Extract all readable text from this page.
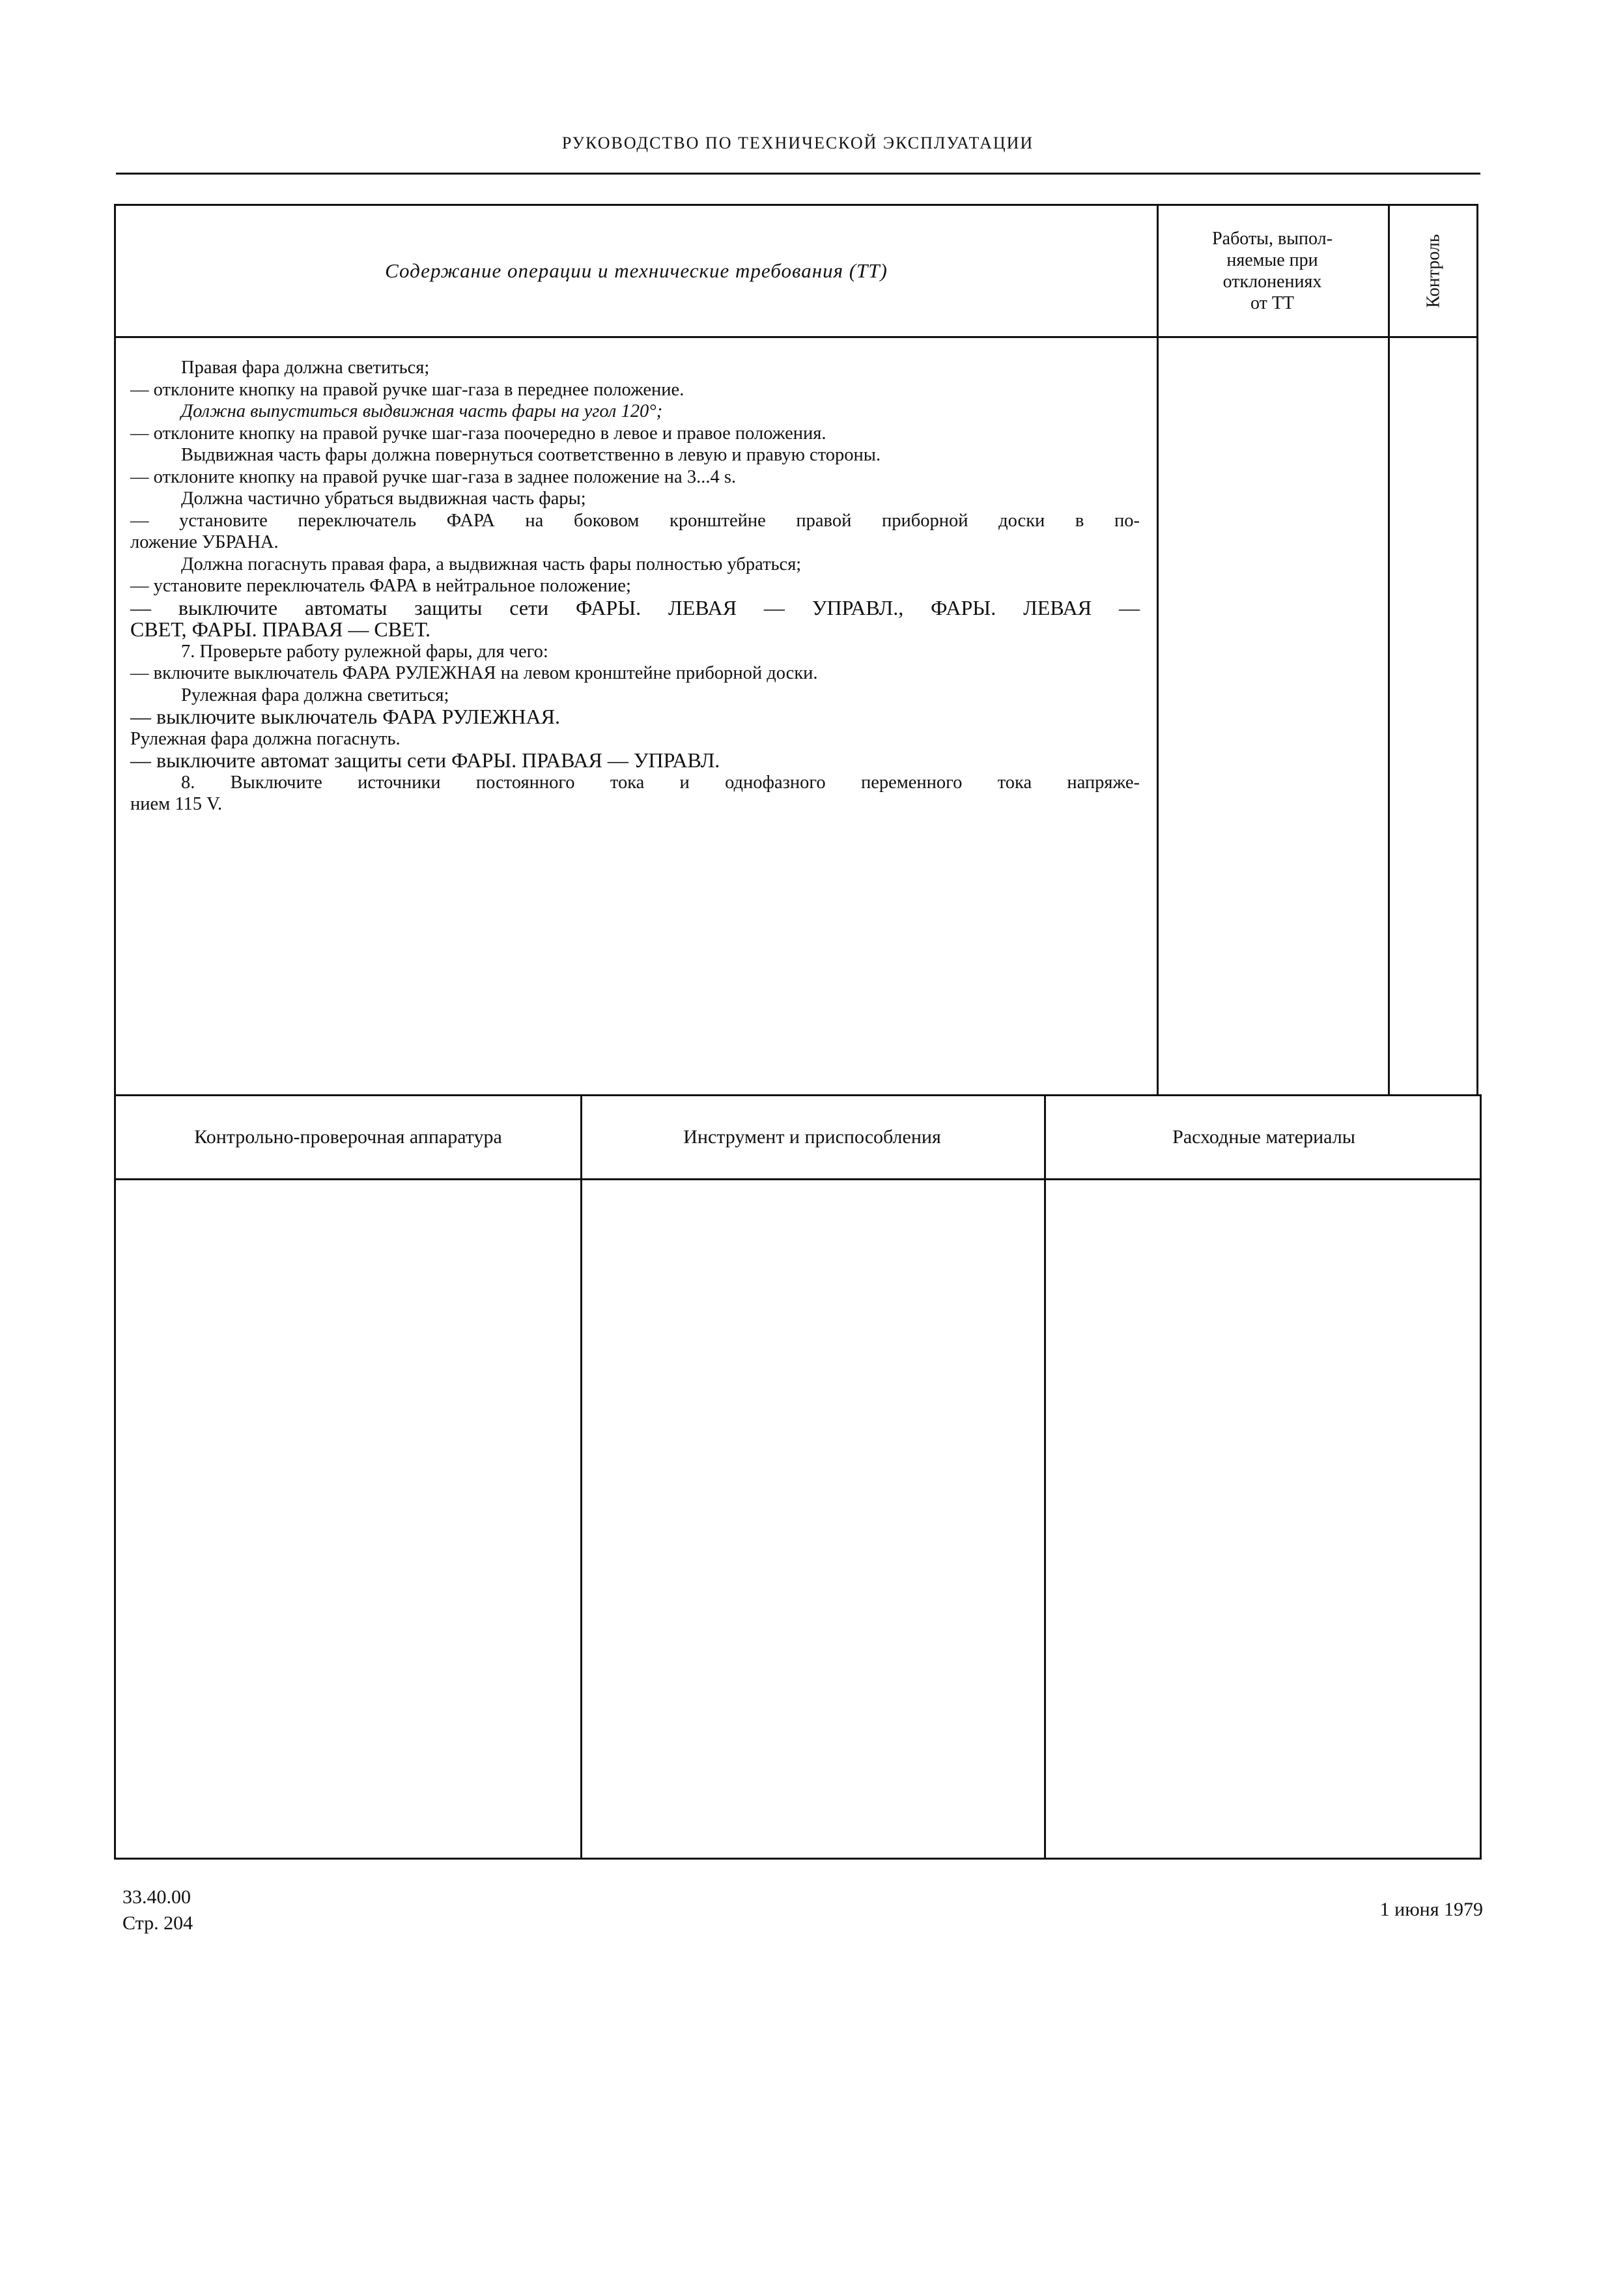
РУКОВОДСТВО ПО ТЕХНИЧЕСКОЙ ЭКСПЛУАТАЦИИ
Содержание операции и технические требования (ТТ)
Работы, выпол-
няемые при
отклонениях
от ТТ	Контроль
Правая фара должна светиться;
— отклоните кнопку на правой ручке шаг-газа в переднее положение.
Должна выпуститься выдвижная часть фары на угол 120°;
— отклоните кнопку на правой ручке шаг-газа поочередно в левое и правое положения.
Выдвижная часть фары должна повернуться соответственно в левую и правую стороны.
— отклоните кнопку на правой ручке шаг-газа в заднее положение на 3...4 s.
Должна частично убраться выдвижная часть фары;
— установите переключатель ФАРА на боковом кронштейне правой приборной доски в по-
ложение УБРАНА.
Должна погаснуть правая фара, а выдвижная часть фары полностью убраться;
— установите переключатель ФАРА в нейтральное положение;
— выключите автоматы защиты сети ФАРЫ. ЛЕВАЯ — УПРАВЛ., ФАРЫ. ЛЕВАЯ —
СВЕТ, ФАРЫ. ПРАВАЯ — СВЕТ.
7. Проверьте работу рулежной фары, для чего:
— включите выключатель ФАРА РУЛЕЖНАЯ на левом кронштейне приборной доски.
Рулежная фара должна светиться;
— выключите выключатель ФАРА РУЛЕЖНАЯ.
Рулежная фара должна погаснуть.
— выключите автомат защиты сети ФАРЫ. ПРАВАЯ — УПРАВЛ.
8. Выключите источники постоянного тока и однофазного переменного тока напряже-
нием 115 V.
Контрольно-проверочная аппаратура	Инструмент и приспособления	Расходные материалы
33.40.00
Стр. 204
1 июня 1979
